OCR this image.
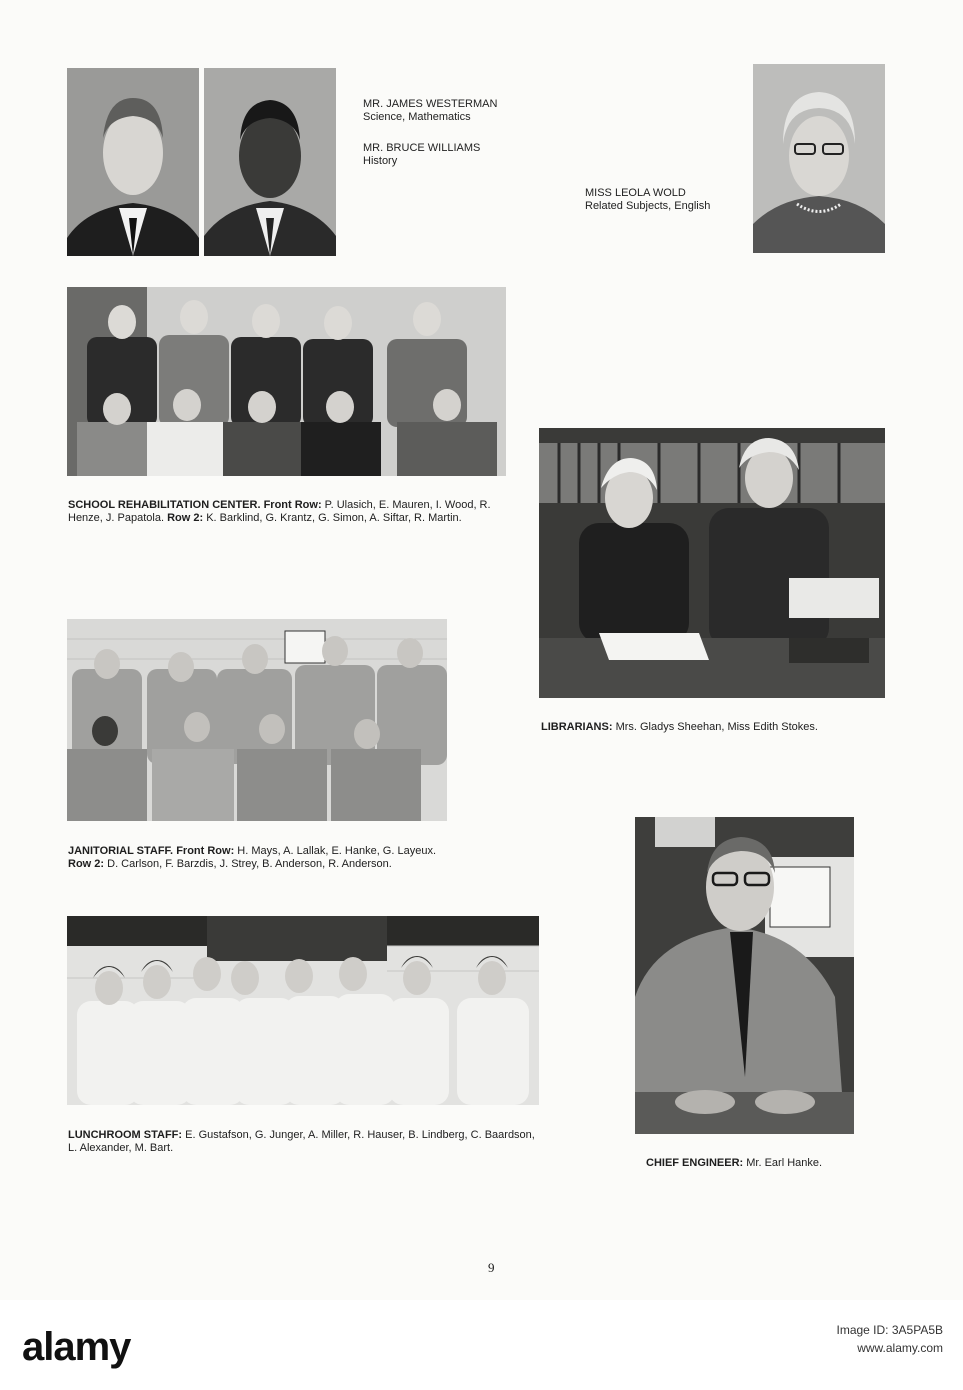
MR. JAMES WESTERMAN
Science, Mathematics
MR. BRUCE WILLIAMS
History
MISS LEOLA WOLD
Related Subjects, English
SCHOOL REHABILITATION CENTER. Front Row: P. Ulasich, E. Mauren, I. Wood, R. Henze, J. Papatola. Row 2: K. Barklind, G. Krantz, G. Simon, A. Siftar, R. Martin.
LIBRARIANS: Mrs. Gladys Sheehan, Miss Edith Stokes.
JANITORIAL STAFF. Front Row: H. Mays, A. Lallak, E. Hanke, G. Layeux. Row 2: D. Carlson, F. Barzdis, J. Strey, B. Anderson, R. Anderson.
LUNCHROOM STAFF: E. Gustafson, G. Junger, A. Miller, R. Hauser, B. Lindberg, C. Baardson, L. Alexander, M. Bart.
CHIEF ENGINEER: Mr. Earl Hanke.
9
alamy	Image ID: 3A5PA5B
www.alamy.com
